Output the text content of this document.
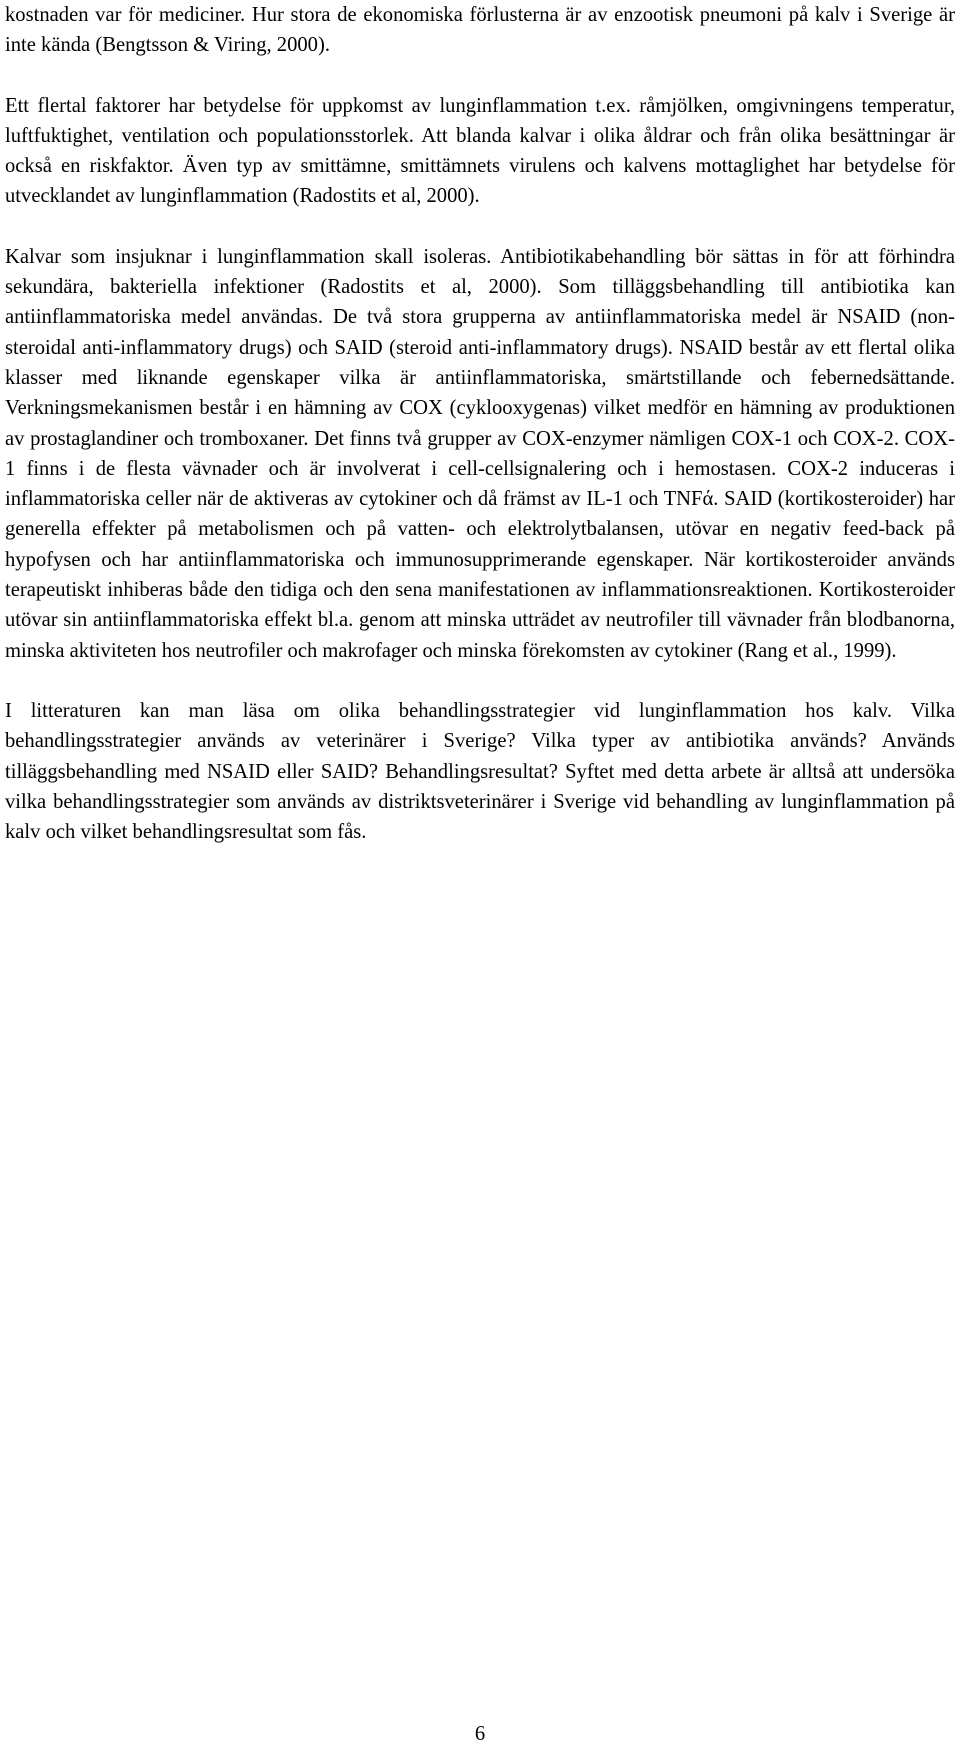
kostnaden var för mediciner. Hur stora de ekonomiska förlusterna är av enzootisk pneumoni på kalv i Sverige är inte kända (Bengtsson & Viring, 2000).

Ett flertal faktorer har betydelse för uppkomst av lunginflammation t.ex. råmjölken, omgivningens temperatur, luftfuktighet, ventilation och populationsstorlek. Att blanda kalvar i olika åldrar och från olika besättningar är också en riskfaktor. Även typ av smittämne, smittämnets virulens och kalvens mottaglighet har betydelse för utvecklandet av lunginflammation (Radostits et al, 2000).

Kalvar som insjuknar i lunginflammation skall isoleras. Antibiotikabehandling bör sättas in för att förhindra sekundära, bakteriella infektioner (Radostits et al, 2000). Som tilläggsbehandling till antibiotika kan antiinflammatoriska medel användas. De två stora grupperna av antiinflammatoriska medel är NSAID (non-steroidal anti-inflammatory drugs) och SAID (steroid anti-inflammatory drugs). NSAID består av ett flertal olika klasser med liknande egenskaper vilka är antiinflammatoriska, smärtstillande och febernedsättande. Verkningsmekanismen består i en hämning av COX (cyklooxygenas) vilket medför en hämning av produktionen av prostaglandiner och tromboxaner. Det finns två grupper av COX-enzymer nämligen COX-1 och COX-2. COX-1 finns i de flesta vävnader och är involverat i cell-cellsignalering och i hemostasen. COX-2 induceras i inflammatoriska celler när de aktiveras av cytokiner och då främst av IL-1 och TNFά. SAID (kortikosteroider) har generella effekter på metabolismen och på vatten- och elektrolytbalansen, utövar en negativ feed-back på hypofysen och har antiinflammatoriska och immunosupprimerande egenskaper. När kortikosteroider används terapeutiskt inhiberas både den tidiga och den sena manifestationen av inflammationsreaktionen. Kortikosteroider utövar sin antiinflammatoriska effekt bl.a. genom att minska utträdet av neutrofiler till vävnader från blodbanorna, minska aktiviteten hos neutrofiler och makrofager och minska förekomsten av cytokiner (Rang et al., 1999).

I litteraturen kan man läsa om olika behandlingsstrategier vid lunginflammation hos kalv. Vilka behandlingsstrategier används av veterinärer i Sverige? Vilka typer av antibiotika används? Används tilläggsbehandling med NSAID eller SAID? Behandlingsresultat? Syftet med detta arbete är alltså att undersöka vilka behandlingsstrategier som används av distriktsveterinärer i Sverige vid behandling av lunginflammation på kalv och vilket behandlingsresultat som fås.

6
